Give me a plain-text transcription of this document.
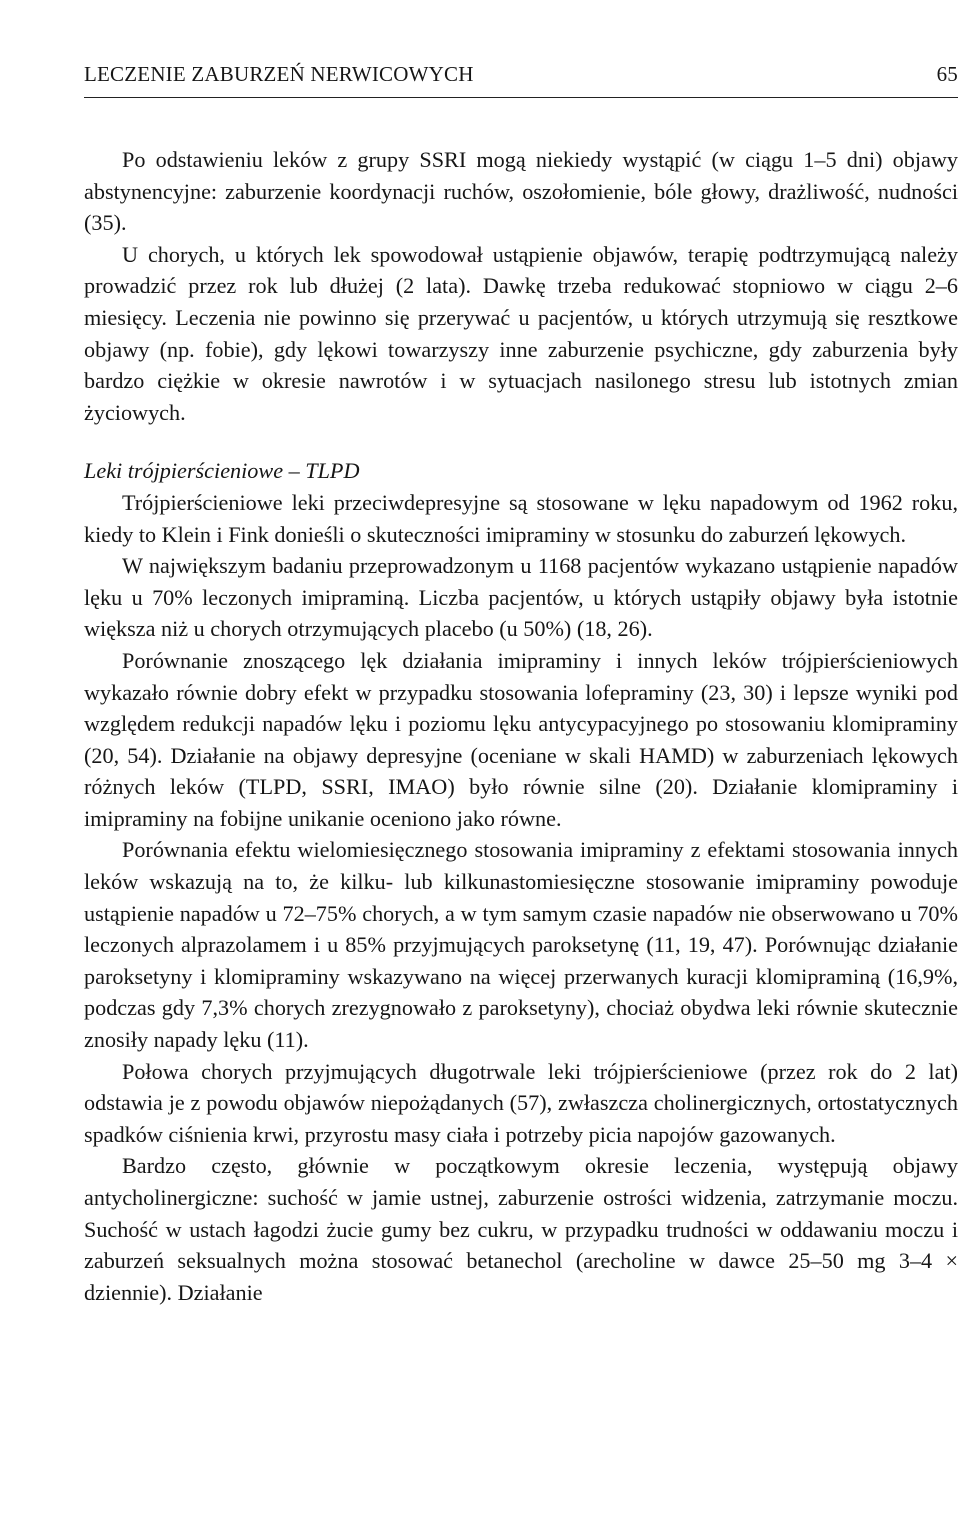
LECZENIE ZABURZEŃ NERWICOWYCH	65

Po odstawieniu leków z grupy SSRI mogą niekiedy wystąpić (w ciągu 1–5 dni) objawy abstynencyjne: zaburzenie koordynacji ruchów, oszołomienie, bóle głowy, drażliwość, nudności (35).

U chorych, u których lek spowodował ustąpienie objawów, terapię podtrzymującą należy prowadzić przez rok lub dłużej (2 lata). Dawkę trzeba redukować stopniowo w ciągu 2–6 miesięcy. Leczenia nie powinno się przerywać u pacjentów, u których utrzymują się resztkowe objawy (np. fobie), gdy lękowi towarzyszy inne zaburzenie psychiczne, gdy zaburzenia były bardzo ciężkie w okresie nawrotów i w sytuacjach nasilonego stresu lub istotnych zmian życiowych.

Leki trójpierścieniowe – TLPD

Trójpierścieniowe leki przeciwdepresyjne są stosowane w lęku napadowym od 1962 roku, kiedy to Klein i Fink donieśli o skuteczności imipraminy w stosunku do zaburzeń lękowych.

W największym badaniu przeprowadzonym u 1168 pacjentów wykazano ustąpienie napadów lęku u 70% leczonych imipraminą. Liczba pacjentów, u których ustąpiły objawy była istotnie większa niż u chorych otrzymujących placebo (u 50%) (18, 26).

Porównanie znoszącego lęk działania imipraminy i innych leków trójpierścieniowych wykazało równie dobry efekt w przypadku stosowania lofepraminy (23, 30) i lepsze wyniki pod względem redukcji napadów lęku i poziomu lęku antycypacyjnego po stosowaniu klomipraminy (20, 54). Działanie na objawy depresyjne (oceniane w skali HAMD) w zaburzeniach lękowych różnych leków (TLPD, SSRI, IMAO) było równie silne (20). Działanie klomipraminy i imipraminy na fobijne unikanie oceniono jako równe.

Porównania efektu wielomiesięcznego stosowania imipraminy z efektami stosowania innych leków wskazują na to, że kilku- lub kilkunastomiesięczne stosowanie imipraminy powoduje ustąpienie napadów u 72–75% chorych, a w tym samym czasie napadów nie obserwowano u 70% leczonych alprazolamem i u 85% przyjmujących paroksetynę (11, 19, 47). Porównując działanie paroksetyny i klomipraminy wskazywano na więcej przerwanych kuracji klomipraminą (16,9%, podczas gdy 7,3% chorych zrezygnowało z paroksetyny), chociaż obydwa leki równie skutecznie znosiły napady lęku (11).

Połowa chorych przyjmujących długotrwale leki trójpierścieniowe (przez rok do 2 lat) odstawia je z powodu objawów niepożądanych (57), zwłaszcza cholinergicznych, ortostatycznych spadków ciśnienia krwi, przyrostu masy ciała i potrzeby picia napojów gazowanych.

Bardzo często, głównie w początkowym okresie leczenia, występują objawy antycholinergiczne: suchość w jamie ustnej, zaburzenie ostrości widzenia, zatrzymanie moczu. Suchość w ustach łagodzi żucie gumy bez cukru, w przypadku trudności w oddawaniu moczu i zaburzeń seksualnych można stosować betanechol (arecholine w dawce 25–50 mg 3–4 × dziennie). Działanie
